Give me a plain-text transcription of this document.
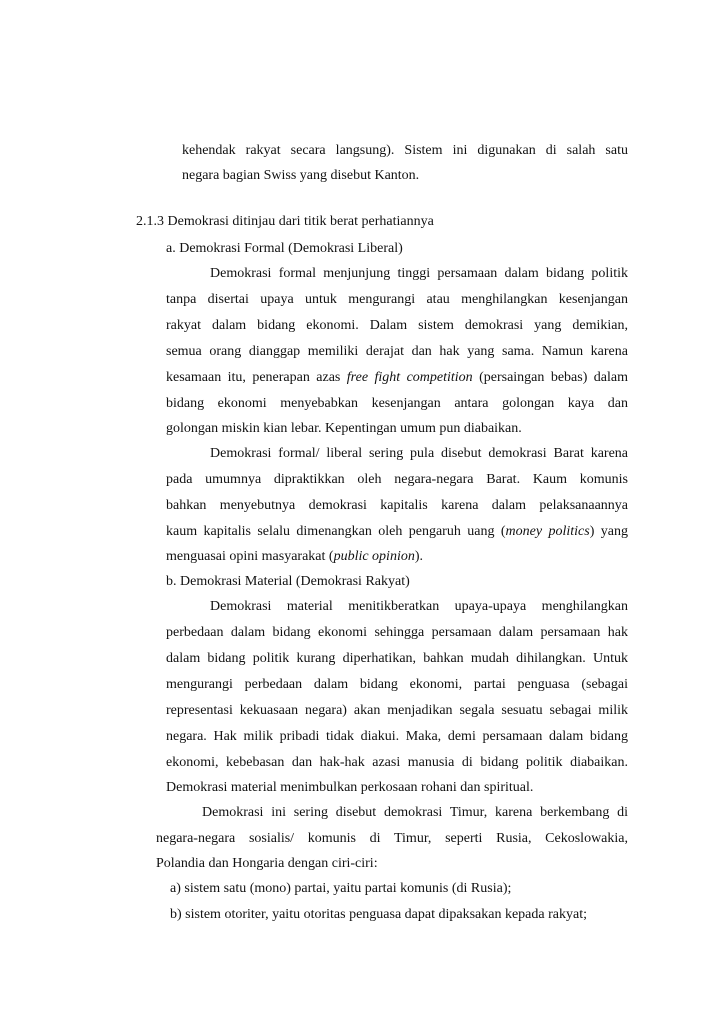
kehendak rakyat secara langsung). Sistem ini digunakan di salah satu
negara bagian Swiss yang disebut Kanton.
2.1.3 Demokrasi ditinjau dari titik berat perhatiannya
a. Demokrasi Formal (Demokrasi Liberal)
Demokrasi formal menjunjung tinggi persamaan dalam bidang politik
tanpa disertai upaya untuk mengurangi atau menghilangkan kesenjangan
rakyat dalam bidang ekonomi. Dalam sistem demokrasi yang demikian,
semua orang dianggap memiliki derajat dan hak yang sama. Namun karena
kesamaan itu, penerapan azas free fight competition (persaingan bebas) dalam
bidang ekonomi menyebabkan kesenjangan antara golongan kaya dan
golongan miskin kian lebar. Kepentingan umum pun diabaikan.
Demokrasi formal/ liberal sering pula disebut demokrasi Barat karena
pada umumnya dipraktikkan oleh negara-negara Barat. Kaum komunis
bahkan menyebutnya demokrasi kapitalis karena dalam pelaksanaannya
kaum kapitalis selalu dimenangkan oleh pengaruh uang (money politics) yang
menguasai opini masyarakat (public opinion).
b. Demokrasi Material (Demokrasi Rakyat)
Demokrasi material menitikberatkan upaya-upaya menghilangkan
perbedaan dalam bidang ekonomi sehingga persamaan dalam persamaan hak
dalam bidang politik kurang diperhatikan, bahkan mudah dihilangkan. Untuk
mengurangi perbedaan dalam bidang ekonomi, partai penguasa (sebagai
representasi kekuasaan negara) akan menjadikan segala sesuatu sebagai milik
negara. Hak milik pribadi tidak diakui. Maka, demi persamaan dalam bidang
ekonomi, kebebasan dan hak-hak azasi manusia di bidang politik diabaikan.
Demokrasi material menimbulkan perkosaan rohani dan spiritual.
Demokrasi ini sering disebut demokrasi Timur, karena berkembang di
negara-negara sosialis/ komunis di Timur, seperti Rusia, Cekoslowakia,
Polandia dan Hongaria dengan ciri-ciri:
a) sistem satu (mono) partai, yaitu partai komunis (di Rusia);
b) sistem otoriter, yaitu otoritas penguasa dapat dipaksakan kepada rakyat;
